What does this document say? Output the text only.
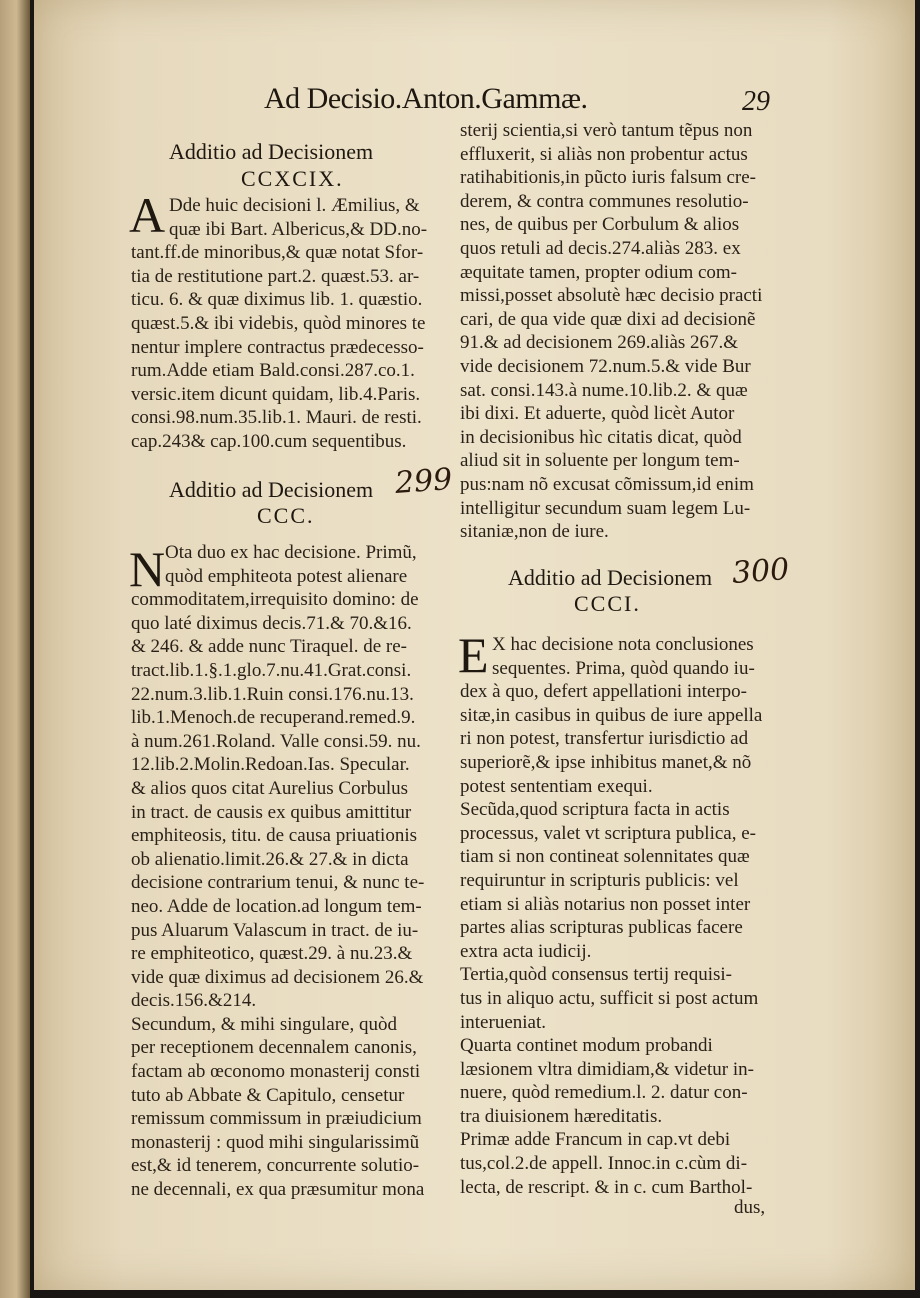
Ad Decisio.Anton.Gammæ.	29
Additio ad Decisionem
CCXCIX.
A Dde huic decisioni l. Æmilius, &
quæ ibi Bart. Albericus,& DD.no-
tant.ff.de minoribus,& quæ notat Sfor-
tia de restitutione part.2. quæst.53. ar-
ticu. 6. & quæ diximus lib. 1. quæstio.
quæst.5.& ibi videbis, quòd minores te
nentur implere contractus prædecesso-
rum.Adde etiam Bald.consi.287.co.1.
versic.item dicunt quidam, lib.4.Paris.
consi.98.num.35.lib.1. Mauri. de resti.
cap.243& cap.100.cum sequentibus.
Additio ad Decisionem 299
CCC.
N Ota duo ex hac decisione. Primũ,
quòd emphiteota potest alienare
commoditatem,irrequisito domino: de
quo laté diximus decis.71.& 70.&16.
& 246. & adde nunc Tiraquel. de re-
tract.lib.1.§.1.glo.7.nu.41.Grat.consi.
22.num.3.lib.1.Ruin consi.176.nu.13.
lib.1.Menoch.de recuperand.remed.9.
à num.261.Roland. Valle consi.59. nu.
12.lib.2.Molin.Redoan.Ias. Specular.
& alios quos citat Aurelius Corbulus
in tract. de causis ex quibus amittitur
emphiteosis, titu. de causa priuationis
ob alienatio.limit.26.& 27.& in dicta
decisione contrarium tenui, & nunc te-
neo. Adde de location.ad longum tem-
pus Aluarum Valascum in tract. de iu-
re emphiteotico, quæst.29. à nu.23.&
vide quæ diximus ad decisionem 26.&
decis.156.&214.
Secundum, & mihi singulare, quòd
per receptionem decennalem canonis,
factam ab œconomo monasterij consti
tuto ab Abbate & Capitulo, censetur
remissum commissum in præiudicium
monasterij : quod mihi singularissimũ
est,& id tenerem, concurrente solutio-
ne decennali, ex qua præsumitur mona
sterij scientia,si verò tantum tẽpus non
effluxerit, si aliàs non probentur actus
ratihabitionis,in pũcto iuris falsum cre-
derem, & contra communes resolutio-
nes, de quibus per Corbulum & alios
quos retuli ad decis.274.aliàs 283. ex
æquitate tamen, propter odium com-
missi,posset absolutè hæc decisio practi
cari, de qua vide quæ dixi ad decisionẽ
91.& ad decisionem 269.aliàs 267.&
vide decisionem 72.num.5.& vide Bur
sat. consi.143.à nume.10.lib.2. & quæ
ibi dixi. Et aduerte, quòd licèt Autor
in decisionibus hìc citatis dicat, quòd
aliud sit in soluente per longum tem-
pus:nam nõ excusat cõmissum,id enim
intelligitur secundum suam legem Lu-
sitaniæ,non de iure.
Additio ad Decisionem 300
CCCI.
E X hac decisione nota conclusiones
sequentes. Prima, quòd quando iu-
dex à quo, defert appellationi interpo-
sitæ,in casibus in quibus de iure appella
ri non potest, transfertur iurisdictio ad
superiorẽ,& ipse inhibitus manet,& nõ
potest sententiam exequi.
Secũda,quod scriptura facta in actis
processus, valet vt scriptura publica, e-
tiam si non contineat solennitates quæ
requiruntur in scripturis publicis: vel
etiam si aliàs notarius non posset inter
partes alias scripturas publicas facere
extra acta iudicij.
Tertia,quòd consensus tertij requisi-
tus in aliquo actu, sufficit si post actum
interueniat.
Quarta continet modum probandi
læsionem vltra dimidiam,& videtur in-
nuere, quòd remedium.l. 2. datur con-
tra diuisionem hæreditatis.
Primæ adde Francum in cap.vt debi
tus,col.2.de appell. Innoc.in c.cùm di-
lecta, de rescript. & in c. cum Barthol-
dus,
